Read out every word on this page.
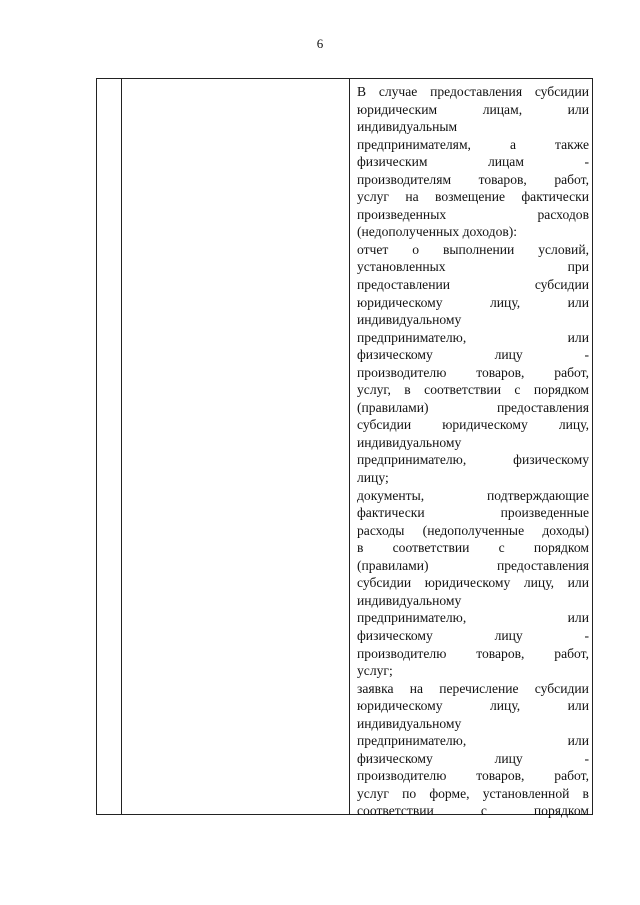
6
В случае предоставления субсидии
юридическим	лицам,	или
индивидуальным
предпринимателям,	а	также
физическим	лицам	-
производителям товаров, работ,
услуг на возмещение фактически
произведенных	расходов
(недополученных доходов):
отчет о выполнении условий,
установленных	при
предоставлении	субсидии
юридическому	лицу,	или
индивидуальному
предпринимателю,	или
физическому	лицу	-
производителю товаров, работ,
услуг, в соответствии с порядком
(правилами)	предоставления
субсидии юридическому лицу,
индивидуальному
предпринимателю,	физическому
лицу;
документы,	подтверждающие
фактически	произведенные
расходы (недополученные доходы)
в соответствии с порядком
(правилами)	предоставления
субсидии юридическому лицу, или
индивидуальному
предпринимателю,	или
физическому	лицу	-
производителю товаров, работ,
услуг;
заявка на перечисление субсидии
юридическому	лицу,	или
индивидуальному
предпринимателю,	или
физическому	лицу	-
производителю товаров, работ,
услуг по форме, установленной в
соответствии	с	порядком
